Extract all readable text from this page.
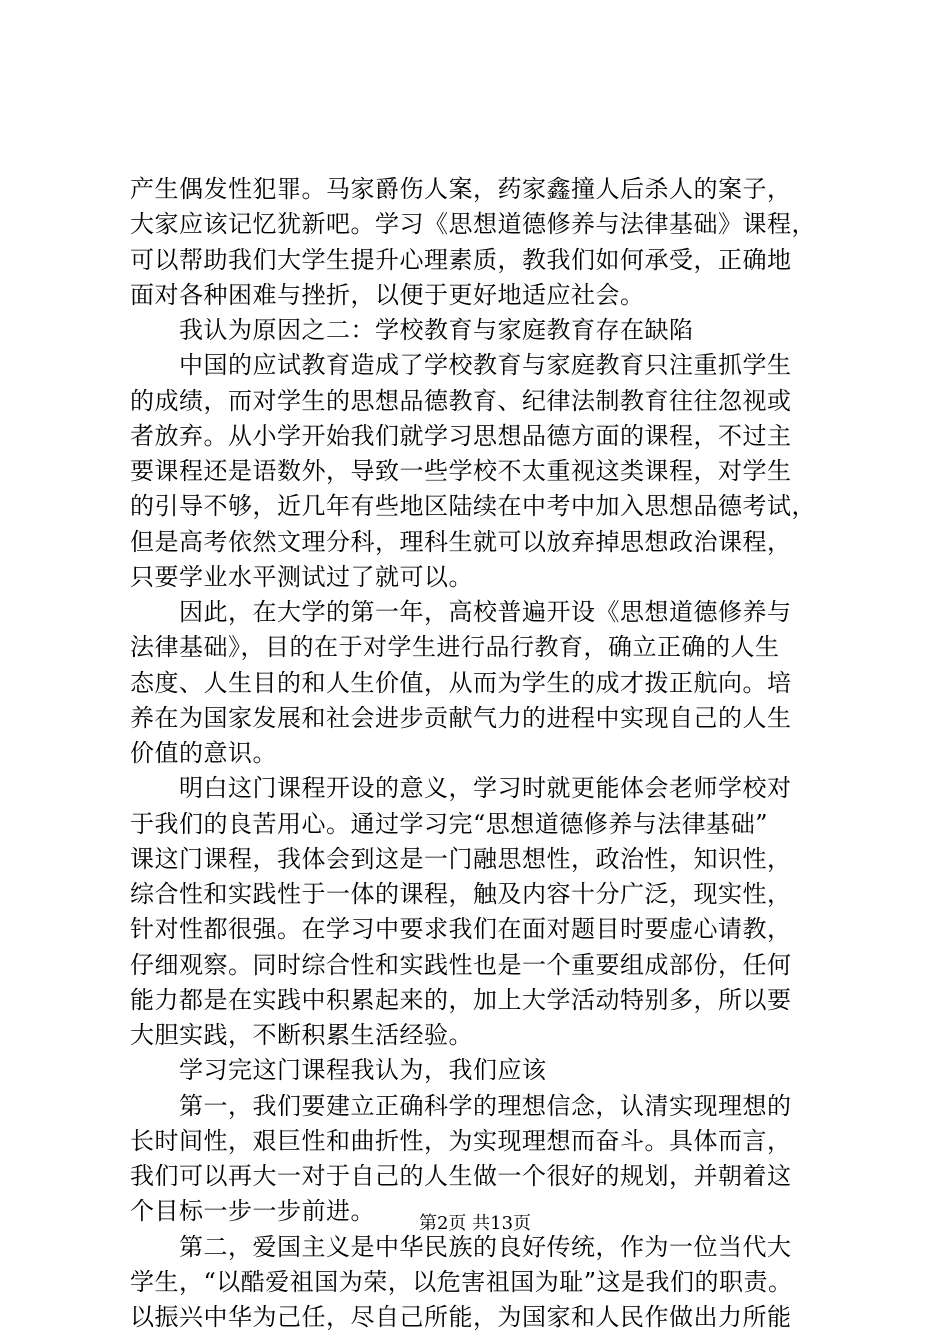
产生偶发性犯罪。马家爵伤人案，药家鑫撞人后杀人的案子，
大家应该记忆犹新吧。学习《思想道德修养与法律基础》课程，
可以帮助我们大学生提升心理素质，教我们如何承受，正确地
面对各种困难与挫折，以便于更好地适应社会。
　　我认为原因之二：学校教育与家庭教育存在缺陷
　　中国的应试教育造成了学校教育与家庭教育只注重抓学生
的成绩，而对学生的思想品德教育、纪律法制教育往往忽视或
者放弃。从小学开始我们就学习思想品德方面的课程，不过主
要课程还是语数外，导致一些学校不太重视这类课程，对学生
的引导不够，近几年有些地区陆续在中考中加入思想品德考试，
但是高考依然文理分科，理科生就可以放弃掉思想政治课程，
只要学业水平测试过了就可以。
　　因此，在大学的第一年，高校普遍开设《思想道德修养与
法律基础》，目的在于对学生进行品行教育，确立正确的人生
态度、人生目的和人生价值，从而为学生的成才拨正航向。培
养在为国家发展和社会进步贡献气力的进程中实现自己的人生
价值的意识。
　　明白这门课程开设的意义，学习时就更能体会老师学校对
于我们的良苦用心。通过学习完“思想道德修养与法律基础”
课这门课程，我体会到这是一门融思想性，政治性，知识性，
综合性和实践性于一体的课程，触及内容十分广泛，现实性，
针对性都很强。在学习中要求我们在面对题目时要虚心请教，
仔细观察。同时综合性和实践性也是一个重要组成部份，任何
能力都是在实践中积累起来的，加上大学活动特别多，所以要
大胆实践，不断积累生活经验。
　　学习完这门课程我认为，我们应该
　　第一，我们要建立正确科学的理想信念，认清实现理想的
长时间性，艰巨性和曲折性，为实现理想而奋斗。具体而言，
我们可以再大一对于自己的人生做一个很好的规划，并朝着这
个目标一步一步前进。
　　第二，爱国主义是中华民族的良好传统，作为一位当代大
学生，“以酷爱祖国为荣，以危害祖国为耻”这是我们的职责。
以振兴中华为己任，尽自己所能，为国家和人民作做出力所能
第2页 共13页
